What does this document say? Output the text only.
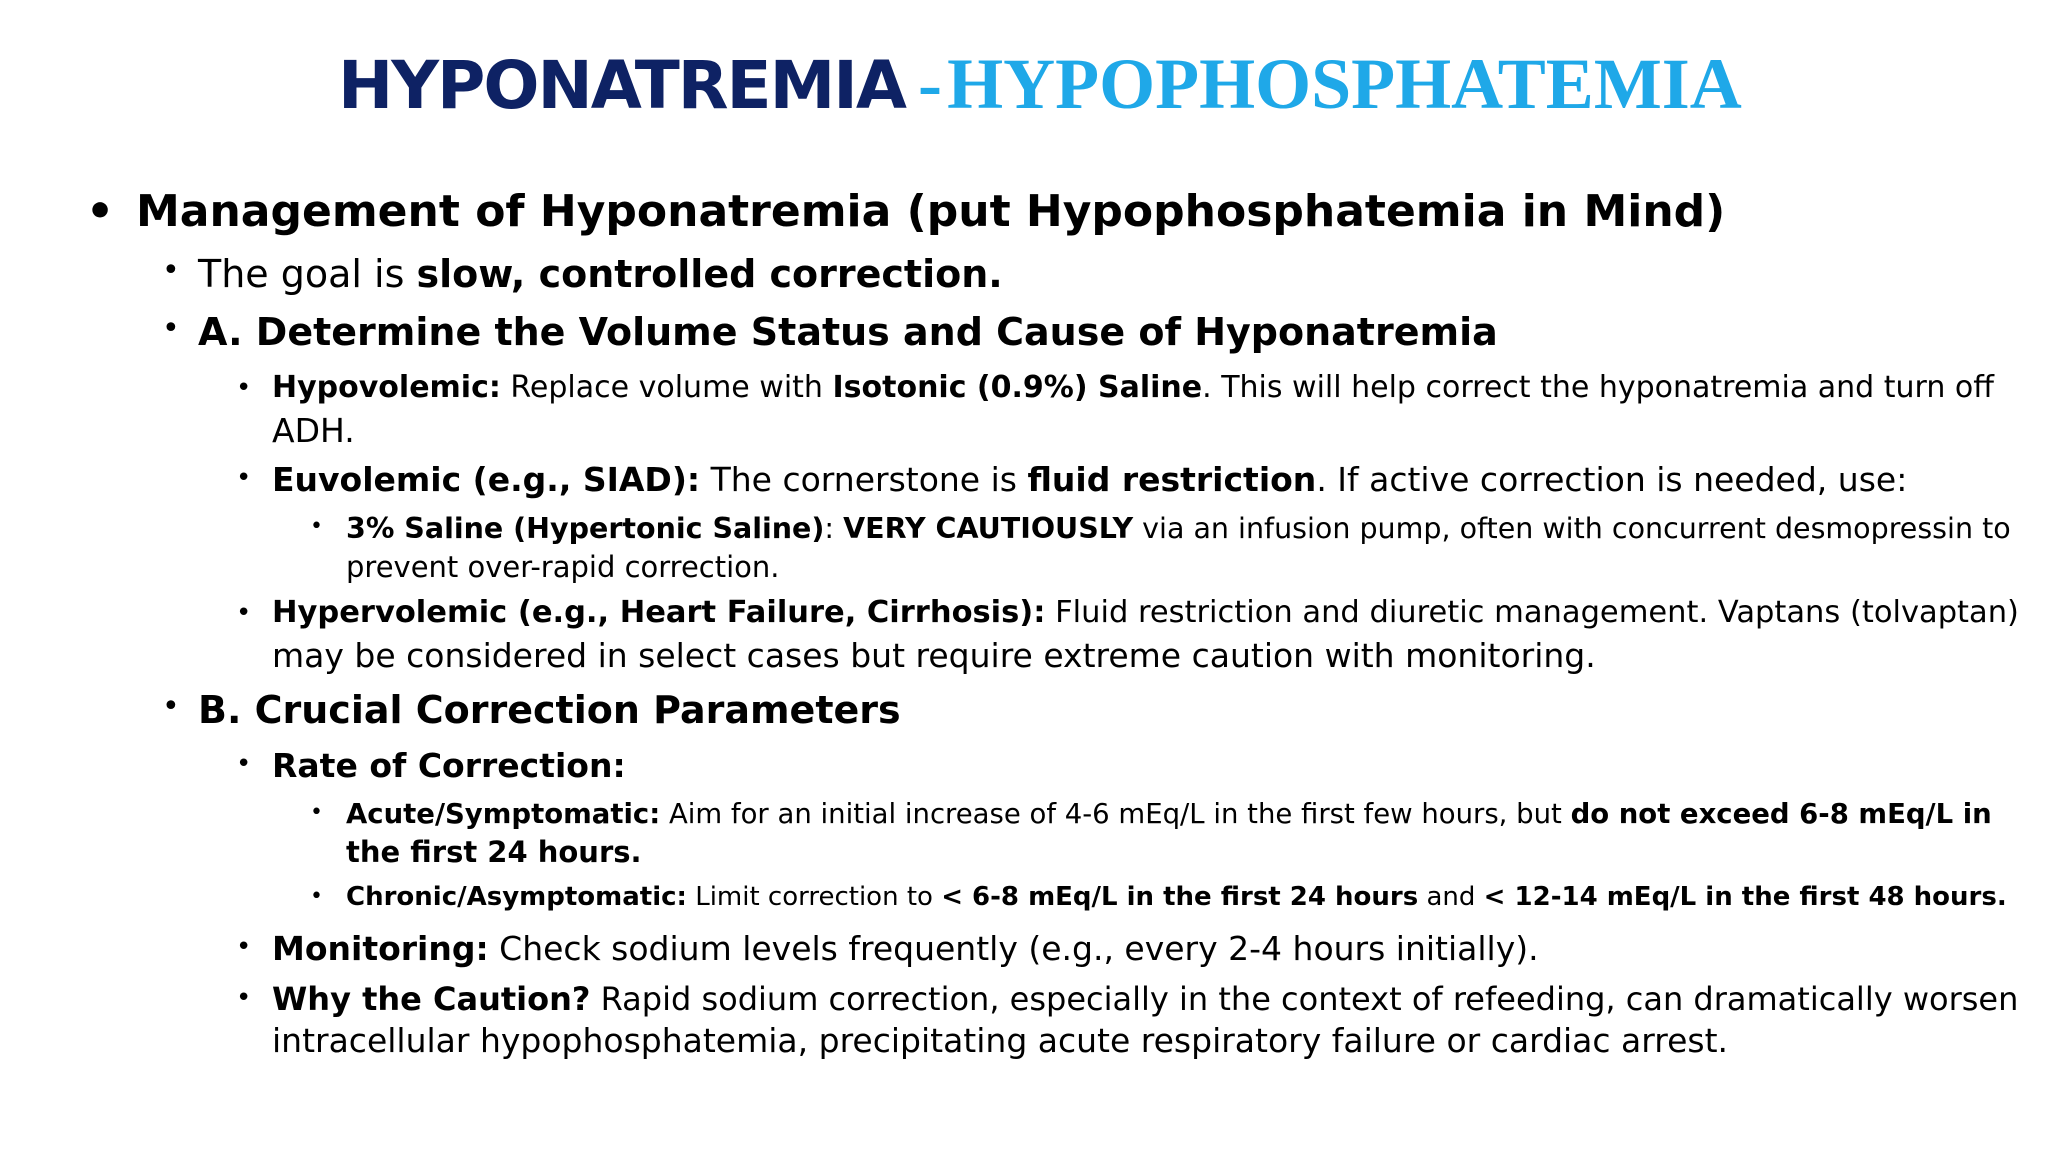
HYPONATREMIA - HYPOPHOSPHATEMIA
• Management of Hyponatremia (put Hypophosphatemia in Mind)
• The goal is slow, controlled correction.
• A. Determine the Volume Status and Cause of Hyponatremia
• Hypovolemic: Replace volume with Isotonic (0.9%) Saline. This will help correct the hyponatremia and turn off
ADH.
• Euvolemic (e.g., SIAD): The cornerstone is fluid restriction. If active correction is needed, use:
• 3% Saline (Hypertonic Saline): VERY CAUTIOUSLY via an infusion pump, often with concurrent desmopressin to
prevent over-rapid correction.
• Hypervolemic (e.g., Heart Failure, Cirrhosis): Fluid restriction and diuretic management. Vaptans (tolvaptan)
may be considered in select cases but require extreme caution with monitoring.
• B. Crucial Correction Parameters
• Rate of Correction:
• Acute/Symptomatic: Aim for an initial increase of 4-6 mEq/L in the first few hours, but do not exceed 6-8 mEq/L in
the first 24 hours.
• Chronic/Asymptomatic: Limit correction to < 6-8 mEq/L in the first 24 hours and < 12-14 mEq/L in the first 48 hours.
• Monitoring: Check sodium levels frequently (e.g., every 2-4 hours initially).
• Why the Caution? Rapid sodium correction, especially in the context of refeeding, can dramatically worsen
intracellular hypophosphatemia, precipitating acute respiratory failure or cardiac arrest.
